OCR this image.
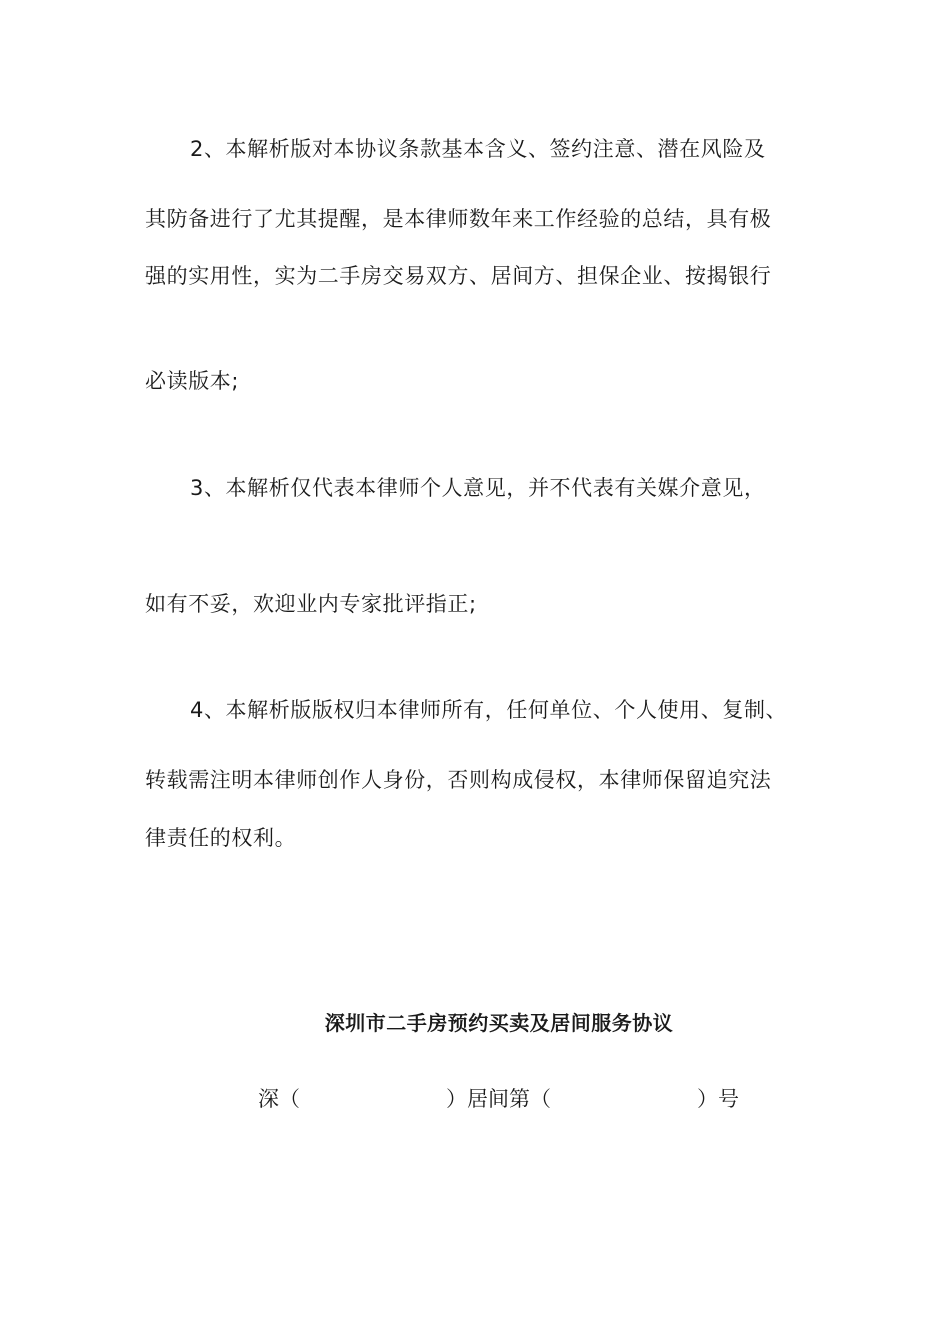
2、本解析版对本协议条款基本含义、签约注意、潜在风险及
其防备进行了尤其提醒，是本律师数年来工作经验的总结，具有极
强的实用性，实为二手房交易双方、居间方、担保企业、按揭银行
必读版本;
3、本解析仅代表本律师个人意见，并不代表有关媒介意见，
如有不妥，欢迎业内专家批评指正;
4、本解析版版权归本律师所有，任何单位、个人使用、复制、
转载需注明本律师创作人身份，否则构成侵权，本律师保留追究法
律责任的权利。
深圳市二手房预约买卖及居间服务协议
深（	）居间第（	）号
